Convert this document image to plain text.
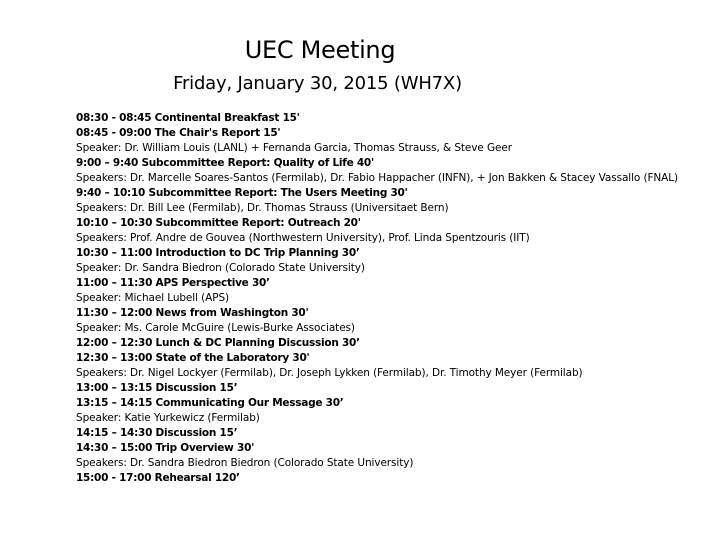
UEC Meeting
Friday, January 30, 2015 (WH7X)
08:30 - 08:45 Continental Breakfast 15'
08:45 - 09:00 The Chair's Report 15'
Speaker: Dr. William Louis (LANL) + Fernanda Garcia, Thomas Strauss, & Steve Geer
9:00 – 9:40 Subcommittee Report: Quality of Life 40'
Speakers: Dr. Marcelle Soares-Santos (Fermilab), Dr. Fabio Happacher (INFN), + Jon Bakken & Stacey Vassallo (FNAL)
9:40 – 10:10 Subcommittee Report: The Users Meeting 30'
Speakers: Dr. Bill Lee (Fermilab), Dr. Thomas Strauss (Universitaet Bern)
10:10 – 10:30 Subcommittee Report: Outreach 20'
Speakers: Prof. Andre de Gouvea (Northwestern University), Prof. Linda Spentzouris (IIT)
10:30 – 11:00 Introduction to DC Trip Planning 30’
Speaker: Dr. Sandra Biedron (Colorado State University)
11:00 – 11:30 APS Perspective 30’
Speaker: Michael Lubell (APS)
11:30 – 12:00 News from Washington 30'
Speaker: Ms. Carole McGuire (Lewis-Burke Associates)
12:00 – 12:30 Lunch & DC Planning Discussion 30’
12:30 – 13:00 State of the Laboratory 30'
Speakers: Dr. Nigel Lockyer (Fermilab), Dr. Joseph Lykken (Fermilab), Dr. Timothy Meyer (Fermilab)
13:00 – 13:15 Discussion 15’
13:15 – 14:15 Communicating Our Message 30’
Speaker: Katie Yurkewicz (Fermilab)
14:15 – 14:30 Discussion 15’
14:30 – 15:00 Trip Overview 30'
Speakers: Dr. Sandra Biedron Biedron (Colorado State University)
15:00 - 17:00 Rehearsal 120’
